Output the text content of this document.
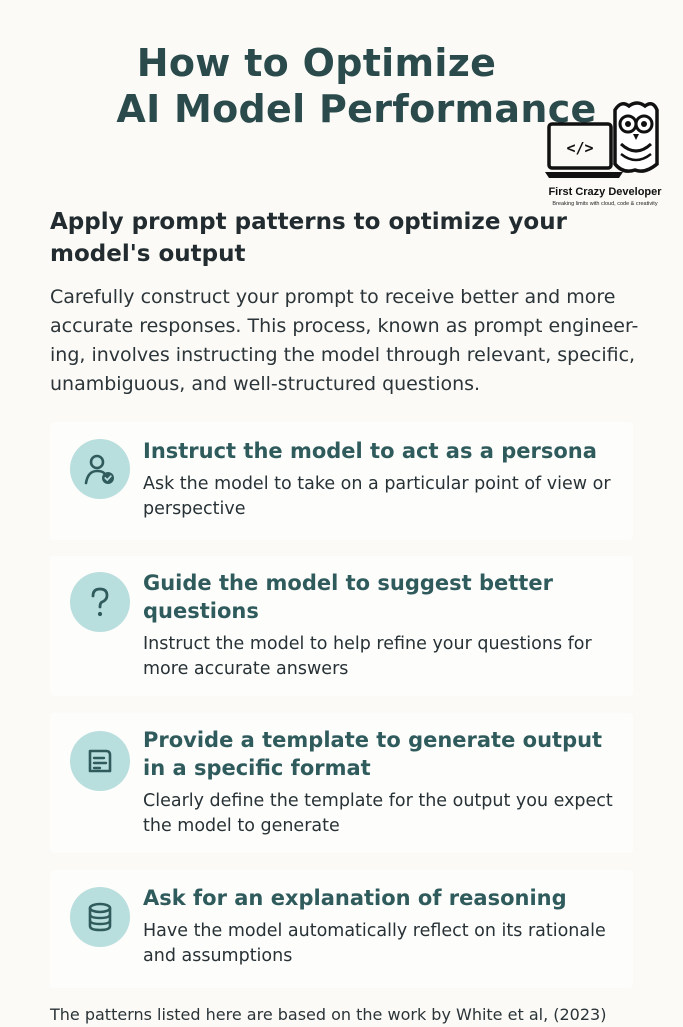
How to Optimize
AI Model Performance
</>
First Crazy Developer
Breaking limits with cloud, code & creativity
Apply prompt patterns to optimize your model's output
Carefully construct your prompt to receive better and more accurate responses. This process, known as prompt engineer-ing, involves instructing the model through relevant, specific, unambiguous, and well-structured questions.
Instruct the model to act as a persona
Ask the model to take on a particular point of view or perspective
Guide the model to suggest better questions
Instruct the model to help refine your questions for more accurate answers
Provide a template to generate output in a specific format
Clearly define the template for the output you expect the model to generate
Ask for an explanation of reasoning
Have the model automatically reflect on its rationale and assumptions
The patterns listed here are based on the work by White et al, (2023)
